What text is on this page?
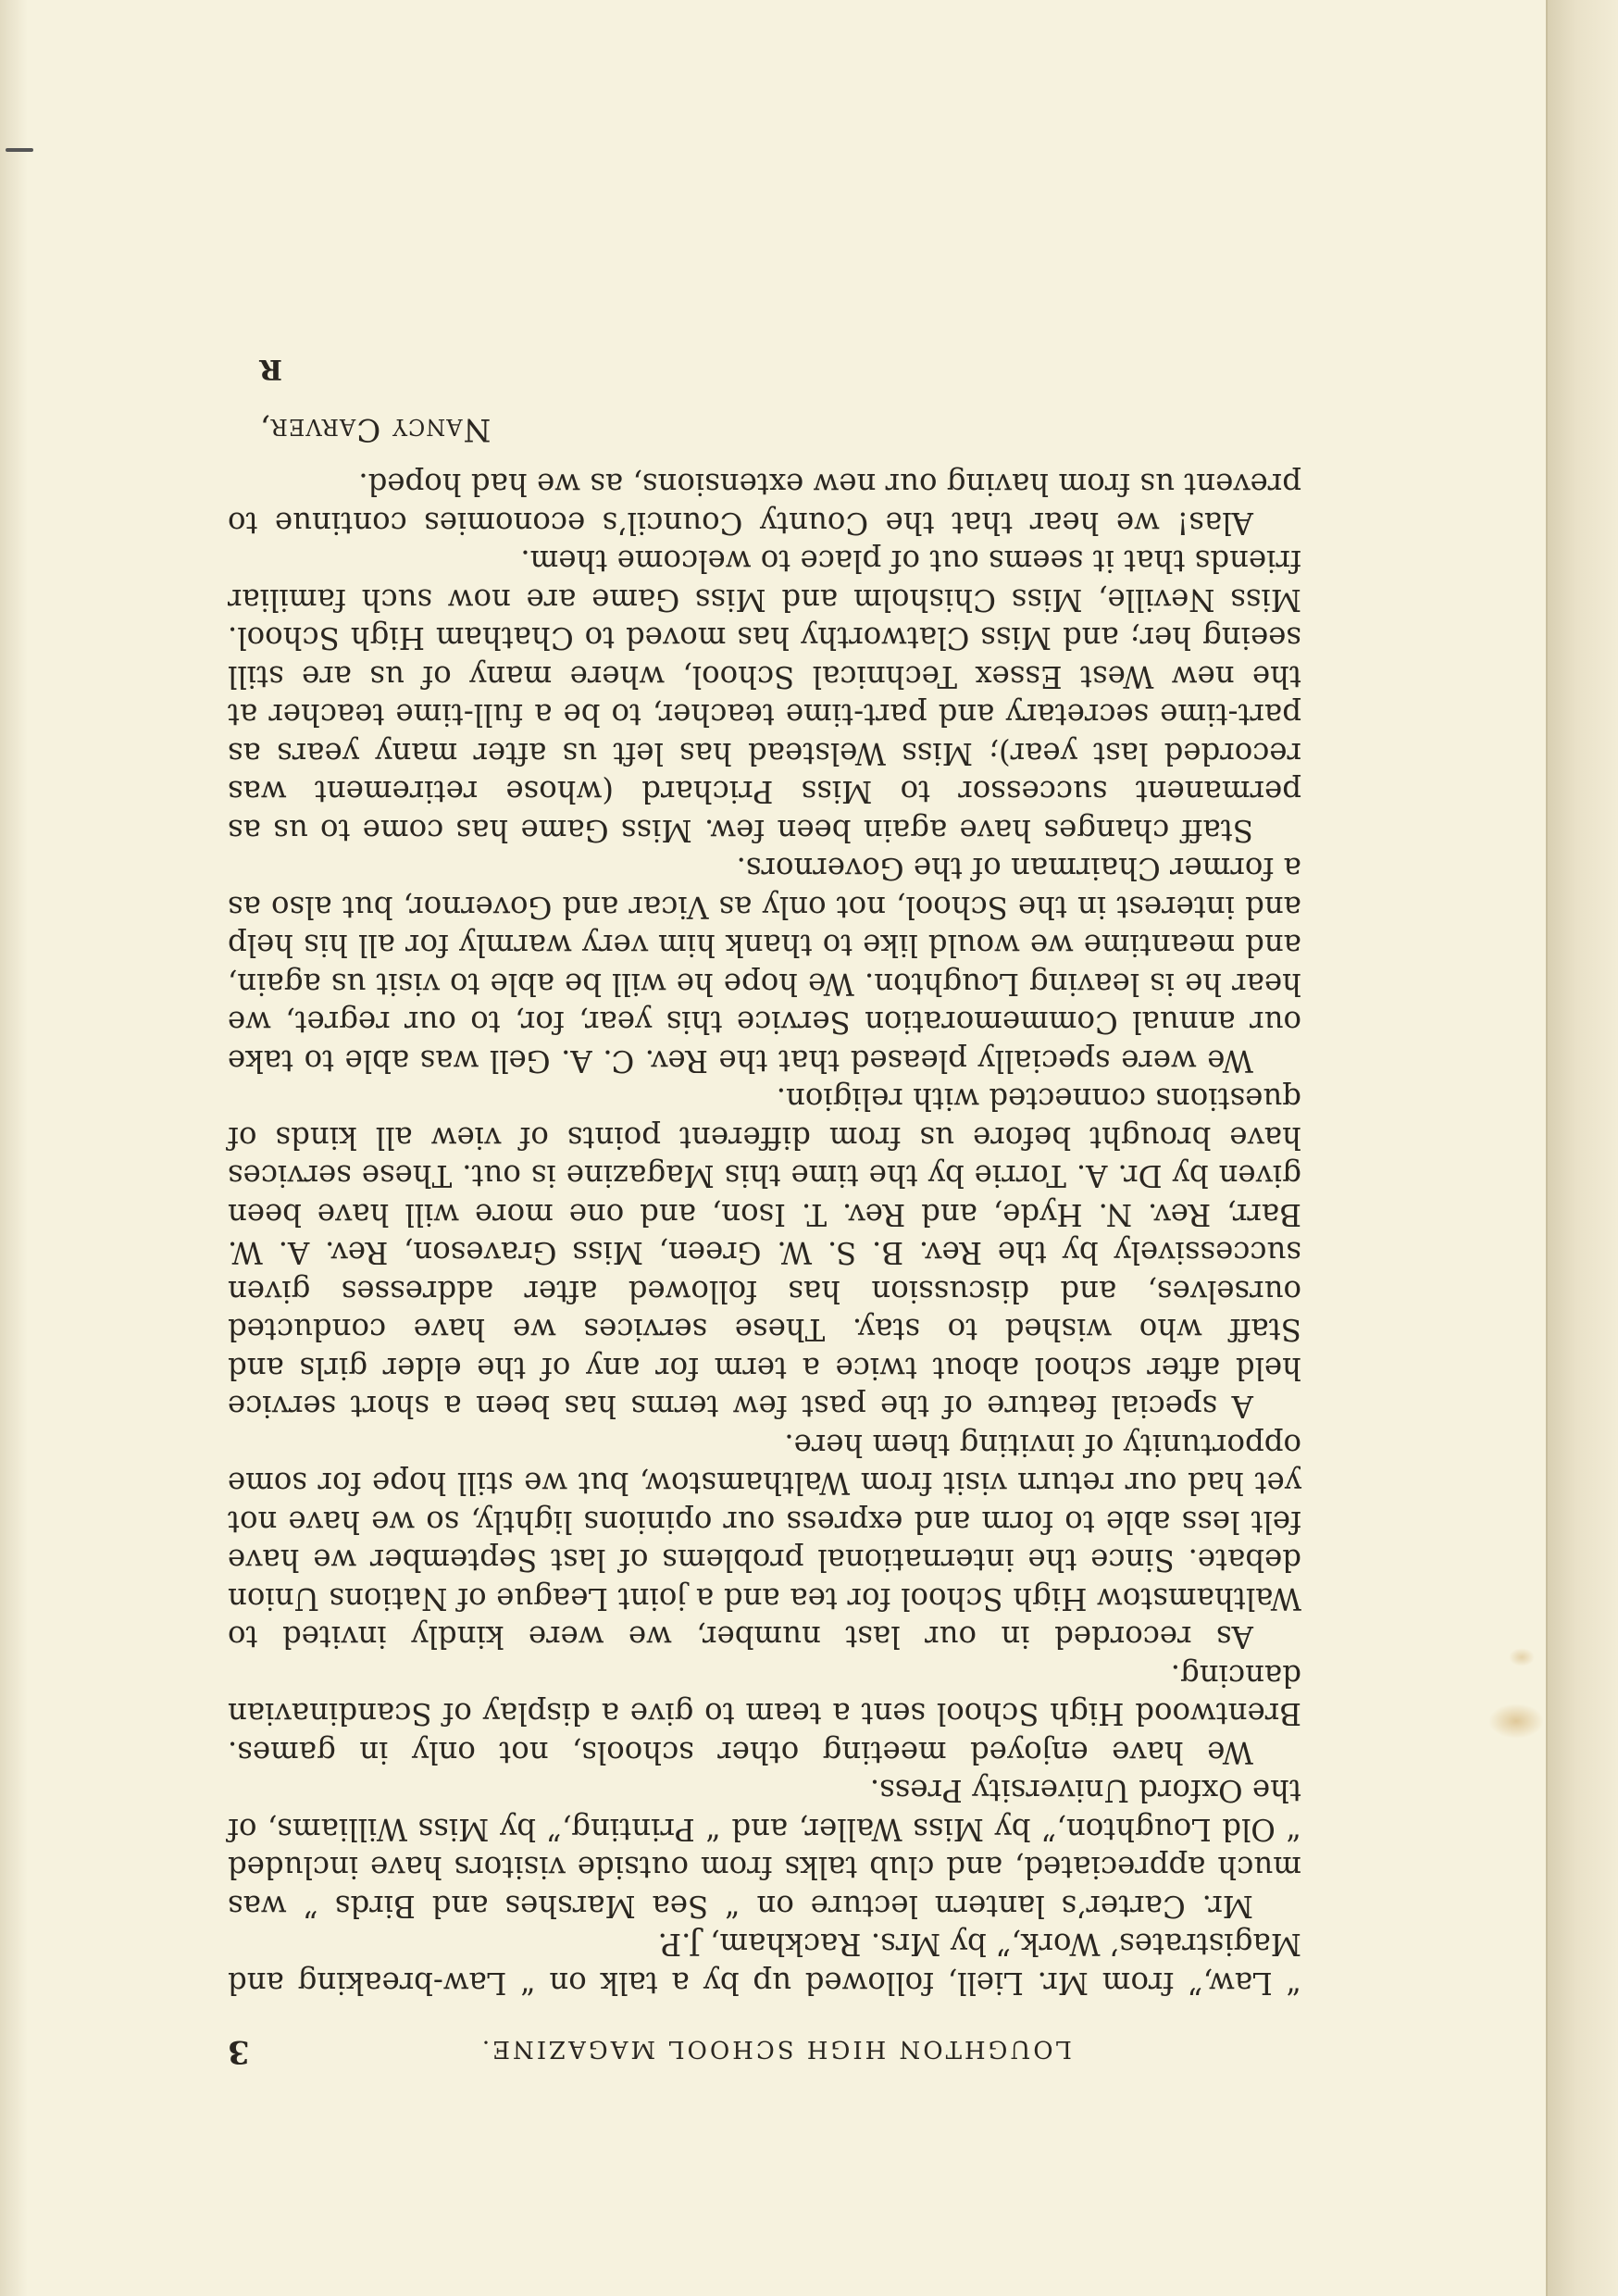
LOUGHTON HIGH SCHOOL MAGAZINE.
3

“ Law,” from Mr. Liell, followed up by a talk on “ Law-breaking and Magistrates’ Work,” by Mrs. Rackham, J.P.

Mr. Carter’s lantern lecture on “ Sea Marshes and Birds ” was much appreciated, and club talks from outside visitors have included “ Old Loughton,” by Miss Waller, and “ Printing,” by Miss Williams, of the Oxford University Press.

We have enjoyed meeting other schools, not only in games. Brentwood High School sent a team to give a display of Scandinavian dancing.

As recorded in our last number, we were kindly invited to Walthamstow High School for tea and a joint League of Nations Union debate. Since the international problems of last September we have felt less able to form and express our opinions lightly, so we have not yet had our return visit from Walthamstow, but we still hope for some opportunity of inviting them here.

A special feature of the past few terms has been a short service held after school about twice a term for any of the elder girls and Staff who wished to stay. These services we have conducted ourselves, and discussion has followed after addresses given successively by the Rev. B. S. W. Green, Miss Graveson, Rev. A. W. Barr, Rev. N. Hyde, and Rev. T. Ison, and one more will have been given by Dr. A. Torrie by the time this Magazine is out. These services have brought before us from different points of view all kinds of questions connected with religion.

We were specially pleased that the Rev. C. A. Gell was able to take our annual Commemoration Service this year, for, to our regret, we hear he is leaving Loughton. We hope he will be able to visit us again, and meantime we would like to thank him very warmly for all his help and interest in the School, not only as Vicar and Governor, but also as a former Chairman of the Governors.

Staff changes have again been few. Miss Game has come to us as permanent successor to Miss Prichard (whose retirement was recorded last year); Miss Welstead has left us after many years as part-time secretary and part-time teacher, to be a full-time teacher at the new West Essex Technical School, where many of us are still seeing her; and Miss Clatworthy has moved to Chatham High School. Miss Neville, Miss Chisholm and Miss Game are now such familiar friends that it seems out of place to welcome them.

Alas! we hear that the County Council’s economies continue to prevent us from having our new extensions, as we had hoped.

Nancy Carver,
R
